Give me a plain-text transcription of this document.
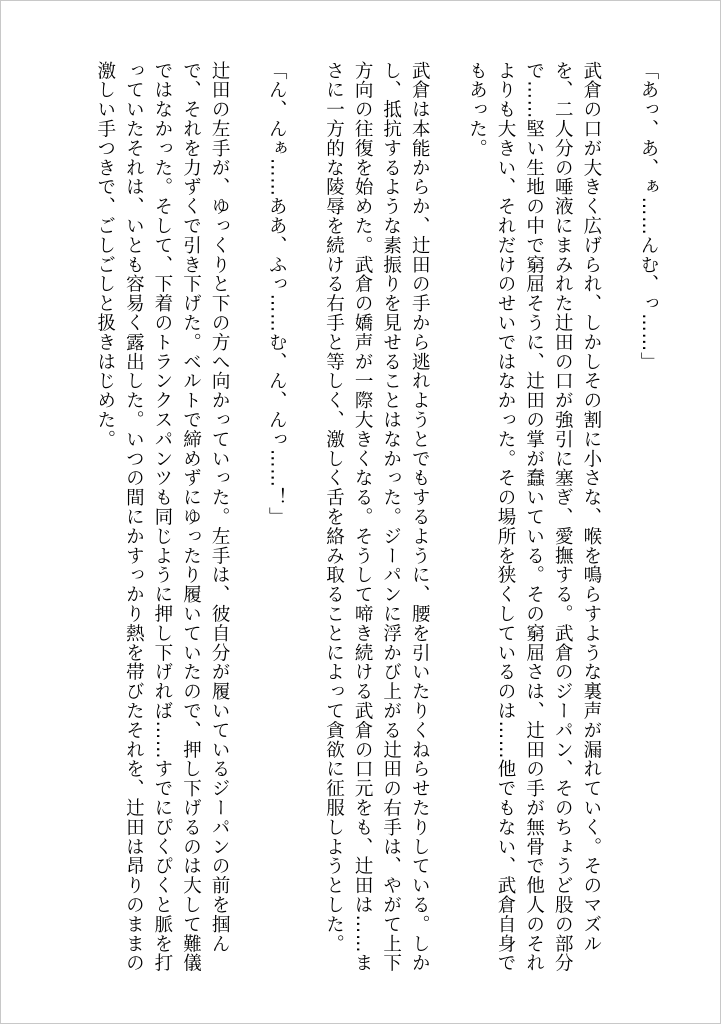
「あっ、あ、ぁ……んむ、っ……」

武倉の口が大きく広げられ、しかしその割に小さな、喉を鳴らすような裏声が漏れていく。そのマズルを、二人分の唾液にまみれた辻田の口が強引に塞ぎ、愛撫する。武倉のジーパン、そのちょうど股の部分で……堅い生地の中で窮屈そうに、辻田の掌が蠢いている。その窮屈さは、辻田の手が無骨で他人のそれよりも大きい、それだけのせいではなかった。その場所を狭くしているのは……他でもない、武倉自身でもあった。

武倉は本能からか、辻田の手から逃れようとでもするように、腰を引いたりくねらせたりしている。しかし、抵抗するような素振りを見せることはなかった。ジーパンに浮かび上がる辻田の右手は、やがて上下方向の往復を始めた。武倉の嬌声が一際大きくなる。そうして啼き続ける武倉の口元をも、辻田は……まさに一方的な陵辱を続ける右手と等しく、激しく舌を絡み取ることによって貪欲に征服しようとした。

「ん、んぁ……ああ、ふっ……む、ん、んっ……！」

辻田の左手が、ゆっくりと下の方へ向かっていった。左手は、彼自分が履いているジーパンの前を掴んで、それを力ずくで引き下げた。ベルトで締めずにゆったり履いていたので、押し下げるのは大して難儀ではなかった。そして、下着のトランクスパンツも同じように押し下げれば……すでにぴくぴくと脈を打っていたそれは、いとも容易く露出した。いつの間にかすっかり熱を帯びたそれを、辻田は昂りのままの激しい手つきで、ごしごしと扱きはじめた。
